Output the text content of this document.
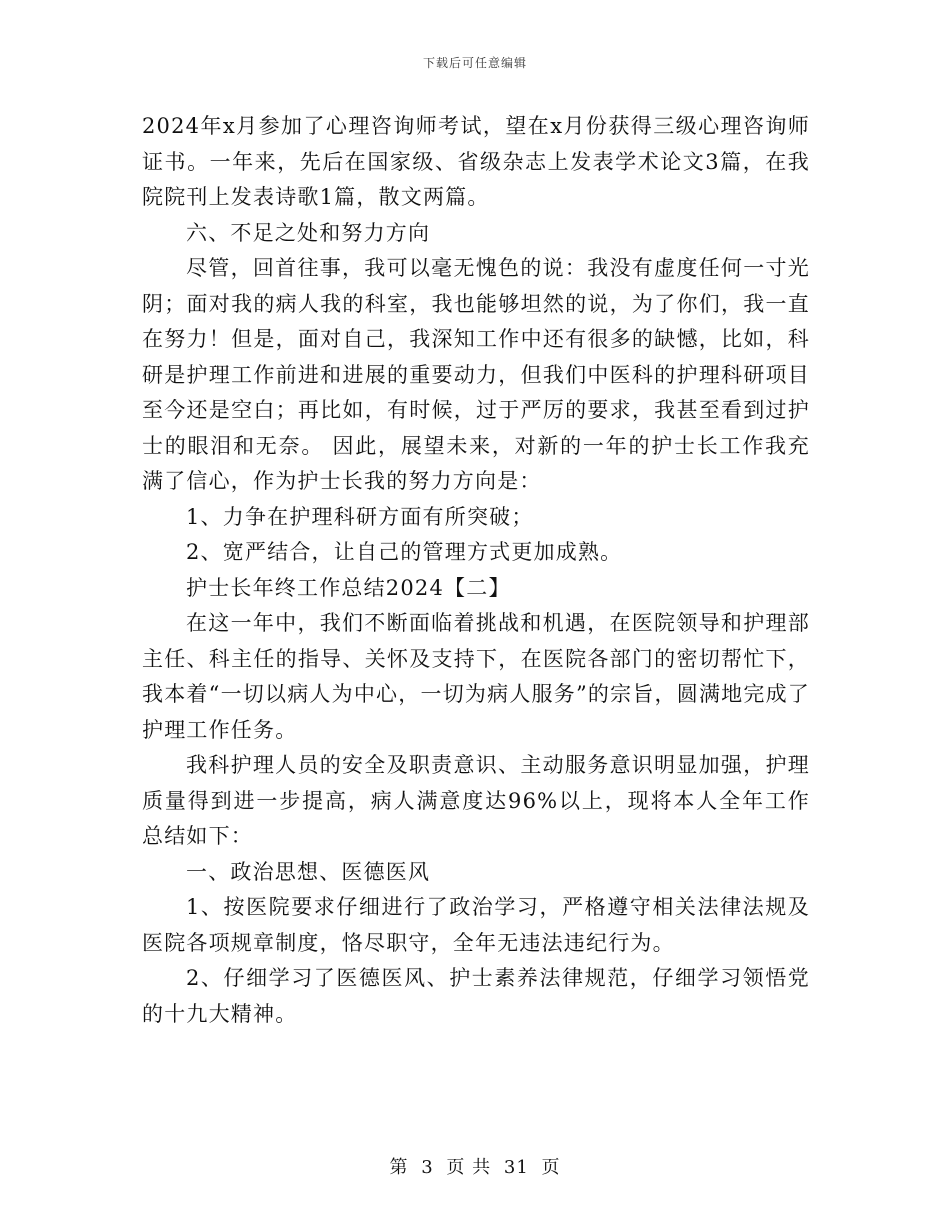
下载后可任意编辑

2024年x月参加了心理咨询师考试，望在x月份获得三级心理咨询师证书。一年来，先后在国家级、省级杂志上发表学术论文3篇，在我院院刊上发表诗歌1篇，散文两篇。

六、不足之处和努力方向

尽管，回首往事，我可以毫无愧色的说：我没有虚度任何一寸光阴；面对我的病人我的科室，我也能够坦然的说，为了你们，我一直在努力！但是，面对自己，我深知工作中还有很多的缺憾，比如，科研是护理工作前进和进展的重要动力，但我们中医科的护理科研项目至今还是空白；再比如，有时候，过于严厉的要求，我甚至看到过护士的眼泪和无奈。 因此，展望未来，对新的一年的护士长工作我充满了信心，作为护士长我的努力方向是：

1、力争在护理科研方面有所突破；

2、宽严结合，让自己的管理方式更加成熟。

护士长年终工作总结2024【二】

在这一年中，我们不断面临着挑战和机遇，在医院领导和护理部主任、科主任的指导、关怀及支持下，在医院各部门的密切帮忙下，我本着“一切以病人为中心，一切为病人服务”的宗旨，圆满地完成了护理工作任务。

我科护理人员的安全及职责意识、主动服务意识明显加强，护理质量得到进一步提高，病人满意度达96%以上，现将本人全年工作总结如下：

一、政治思想、医德医风

1、按医院要求仔细进行了政治学习，严格遵守相关法律法规及医院各项规章制度，恪尽职守，全年无违法违纪行为。

2、仔细学习了医德医风、护士素养法律规范，仔细学习领悟党的十九大精神。

第 3 页 共 31 页
